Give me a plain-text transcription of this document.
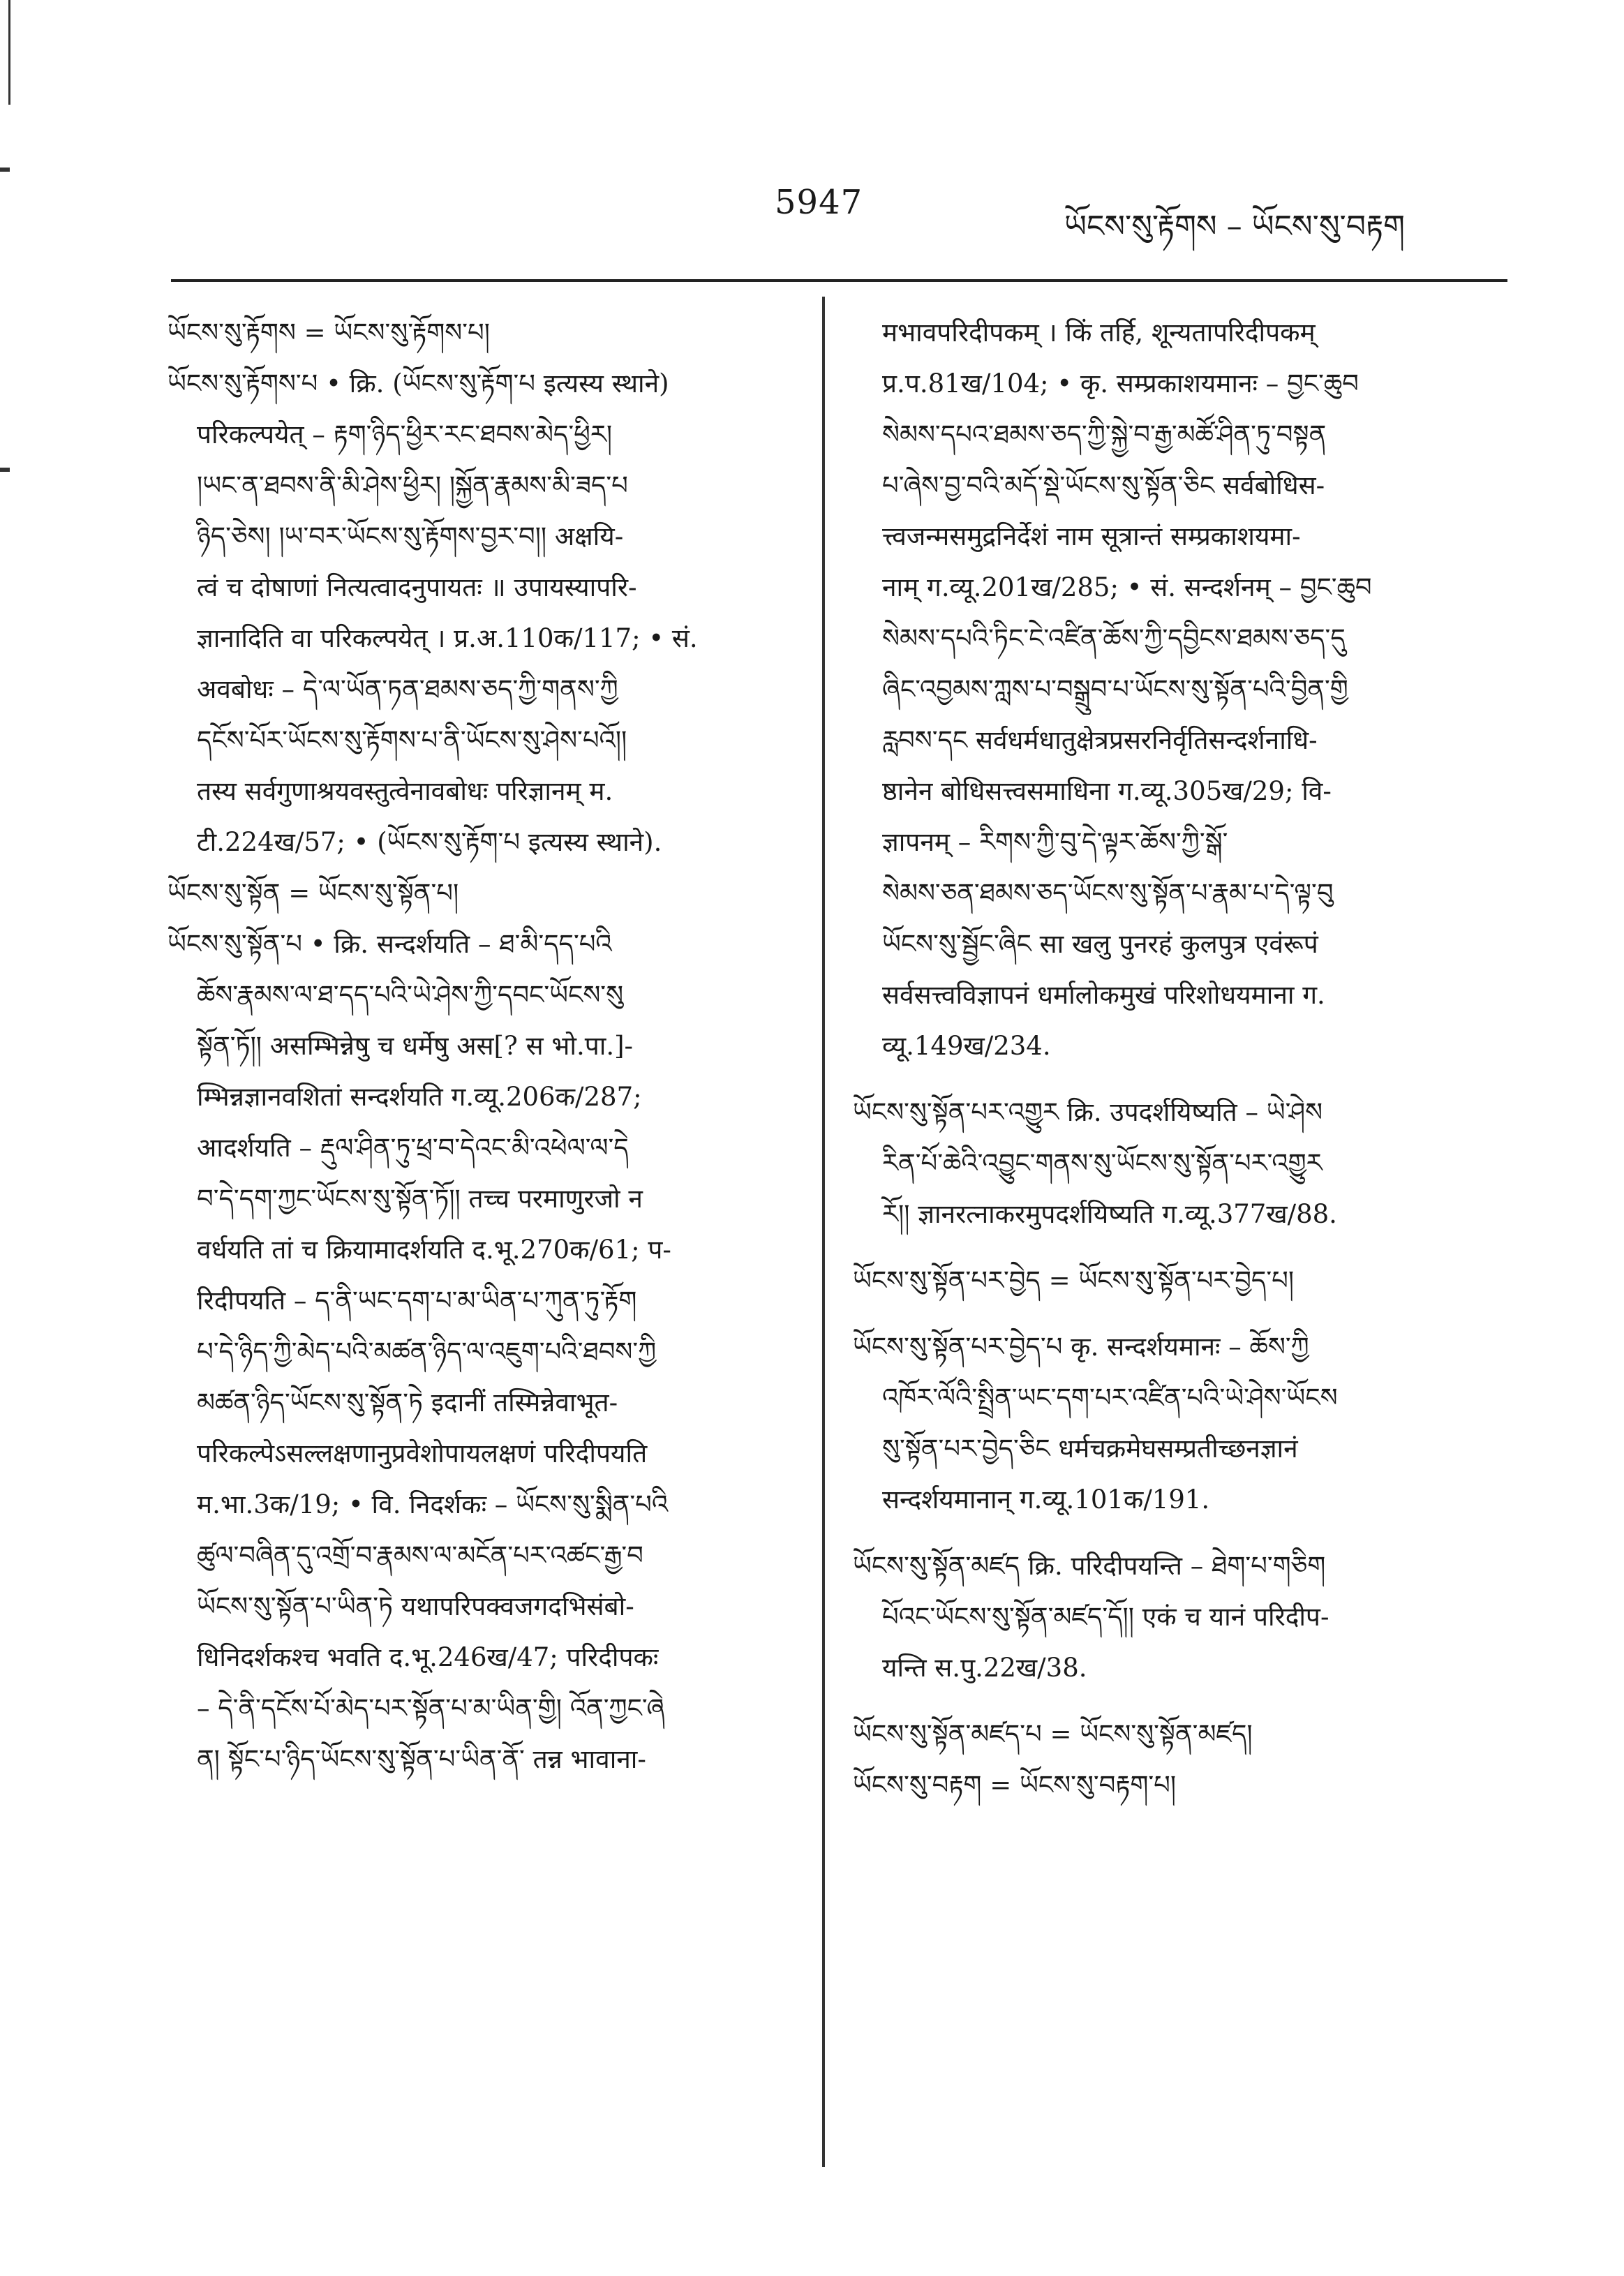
5947
ཡོངས་སུ་རྟོགས – ཡོངས་སུ་བརྟག
ཡོངས་སུ་རྟོགས = ཡོངས་སུ་རྟོགས་པ།
ཡོངས་སུ་རྟོགས་པ • क्रि. (ཡོངས་སུ་རྟོག་པ इत्यस्य स्थाने)
परिकल्पयेत् – རྟག་ཉིད་ཕྱིར་རང་ཐབས་མེད་ཕྱིར།
།ཡང་ན་ཐབས་ནི་མི་ཤེས་ཕྱིར། །སྐྱོན་རྣམས་མི་ཟད་པ
ཉིད་ཅེས། །ཡ་བར་ཡོངས་སུ་རྟོགས་བྱར་བ།། अक्षयि-
त्वं च दोषाणां नित्यत्वादनुपायतः ॥ उपायस्यापरि-
ज्ञानादिति वा परिकल्पयेत् । प्र.अ.110क/117; • सं.
अवबोधः – དེ་ལ་ཡོན་ཏན་ཐམས་ཅད་ཀྱི་གནས་ཀྱི
དངོས་པོར་ཡོངས་སུ་རྟོགས་པ་ནི་ཡོངས་སུ་ཤེས་པའོ།།
तस्य सर्वगुणाश्रयवस्तुत्वेनावबोधः परिज्ञानम् म.
टी.224ख/57; • (ཡོངས་སུ་རྟོག་པ इत्यस्य स्थाने).
ཡོངས་སུ་སྟོན = ཡོངས་སུ་སྟོན་པ།
ཡོངས་སུ་སྟོན་པ • क्रि. सन्दर्शयति – ཐ་མི་དད་པའི
ཆོས་རྣམས་ལ་ཐ་དད་པའི་ཡེ་ཤེས་ཀྱི་དབང་ཡོངས་སུ
སྟོན་ཏོ།། असम्भिन्नेषु च धर्मेषु अस[? स भो.पा.]-
म्भिन्नज्ञानवशितां सन्दर्शयति ग.व्यू.206क/287;
आदर्शयति – རྡུལ་ཤིན་ཏུ་ཕྲ་བ་དེའང་མི་འཕེལ་ལ་དེ
བ་དེ་དག་ཀྱང་ཡོངས་སུ་སྟོན་ཏོ།། तच्च परमाणुरजो न
वर्धयति तां च क्रियामादर्शयति द.भू.270क/61; प-
रिदीपयति – ད་ནི་ཡང་དག་པ་མ་ཡིན་པ་ཀུན་ཏུ་རྟོག
པ་དེ་ཉིད་ཀྱི་མེད་པའི་མཚན་ཉིད་ལ་འཇུག་པའི་ཐབས་ཀྱི
མཚན་ཉིད་ཡོངས་སུ་སྟོན་ཏེ इदानीं तस्मिन्नेवाभूत-
परिकल्पेऽसल्लक्षणानुप्रवेशोपायलक्षणं परिदीपयति
म.भा.3क/19; • वि. निदर्शकः – ཡོངས་སུ་སྨིན་པའི
ཚུལ་བཞིན་དུ་འགྲོ་བ་རྣམས་ལ་མངོན་པར་འཚང་རྒྱ་བ
ཡོངས་སུ་སྟོན་པ་ཡིན་ཏེ यथापरिपक्वजगदभिसंबो-
धिनिदर्शकश्च भवति द.भू.246ख/47; परिदीपकः
– དེ་ནི་དངོས་པོ་མེད་པར་སྟོན་པ་མ་ཡིན་གྱི། འོན་ཀྱང་ཞེ
ན། སྟོང་པ་ཉིད་ཡོངས་སུ་སྟོན་པ་ཡིན་ནོ་ तन्न भावाना-
मभावपरिदीपकम् । किं तर्हि, शून्यतापरिदीपकम्
प्र.प.81ख/104; • कृ. सम्प्रकाशयमानः – བྱང་ཆུབ
སེམས་དཔའ་ཐམས་ཅད་ཀྱི་སྐྱེ་བ་རྒྱ་མཚོ་ཤིན་ཏུ་བསྟན
པ་ཞེས་བྱ་བའི་མདོ་སྡེ་ཡོངས་སུ་སྟོན་ཅིང सर्वबोधिस-
त्त्वजन्मसमुद्रनिर्देशं नाम सूत्रान्तं सम्प्रकाशयमा-
नाम् ग.व्यू.201ख/285; • सं. सन्दर्शनम् – བྱང་ཆུབ
སེམས་དཔའི་ཏིང་ངེ་འཛིན་ཆོས་ཀྱི་དབྱིངས་ཐམས་ཅད་དུ
ཞིང་འབྱམས་ཀླས་པ་བསྒྲུབ་པ་ཡོངས་སུ་སྟོན་པའི་བྱིན་གྱི
རླབས་དང सर्वधर्मधातुक्षेत्रप्रसरनिर्वृतिसन्दर्शनाधि-
ष्ठानेन बोधिसत्त्वसमाधिना ग.व्यू.305ख/29; वि-
ज्ञापनम् – རིགས་ཀྱི་བུ་དེ་ལྟར་ཆོས་ཀྱི་སྒོ་
སེམས་ཅན་ཐམས་ཅད་ཡོངས་སུ་སྟོན་པ་རྣམ་པ་དེ་ལྟ་བུ
ཡོངས་སུ་སྦྱོང་ཞིང सा खलु पुनरहं कुलपुत्र एवंरूपं
सर्वसत्त्वविज्ञापनं धर्मालोकमुखं परिशोधयमाना ग.
व्यू.149ख/234.
ཡོངས་སུ་སྟོན་པར་འགྱུར क्रि. उपदर्शयिष्यति – ཡེ་ཤེས
རིན་པོ་ཆེའི་འབྱུང་གནས་སུ་ཡོངས་སུ་སྟོན་པར་འགྱུར
རོ།། ज्ञानरत्नाकरमुपदर्शयिष्यति ग.व्यू.377ख/88.
ཡོངས་སུ་སྟོན་པར་བྱེད = ཡོངས་སུ་སྟོན་པར་བྱེད་པ།
ཡོངས་སུ་སྟོན་པར་བྱེད་པ कृ. सन्दर्शयमानः – ཆོས་ཀྱི
འཁོར་ལོའི་སྤྲིན་ཡང་དག་པར་འཛིན་པའི་ཡེ་ཤེས་ཡོངས
སུ་སྟོན་པར་བྱེད་ཅིང धर्मचक्रमेघसम्प्रतीच्छनज्ञानं
सन्दर्शयमानान् ग.व्यू.101क/191.
ཡོངས་སུ་སྟོན་མཛད क्रि. परिदीपयन्ति – ཐེག་པ་གཅིག
པོའང་ཡོངས་སུ་སྟོན་མཛད་དོ།། एकं च यानं परिदीप-
यन्ति स.पु.22ख/38.
ཡོངས་སུ་སྟོན་མཛད་པ = ཡོངས་སུ་སྟོན་མཛད།
ཡོངས་སུ་བརྟག = ཡོངས་སུ་བརྟག་པ།
